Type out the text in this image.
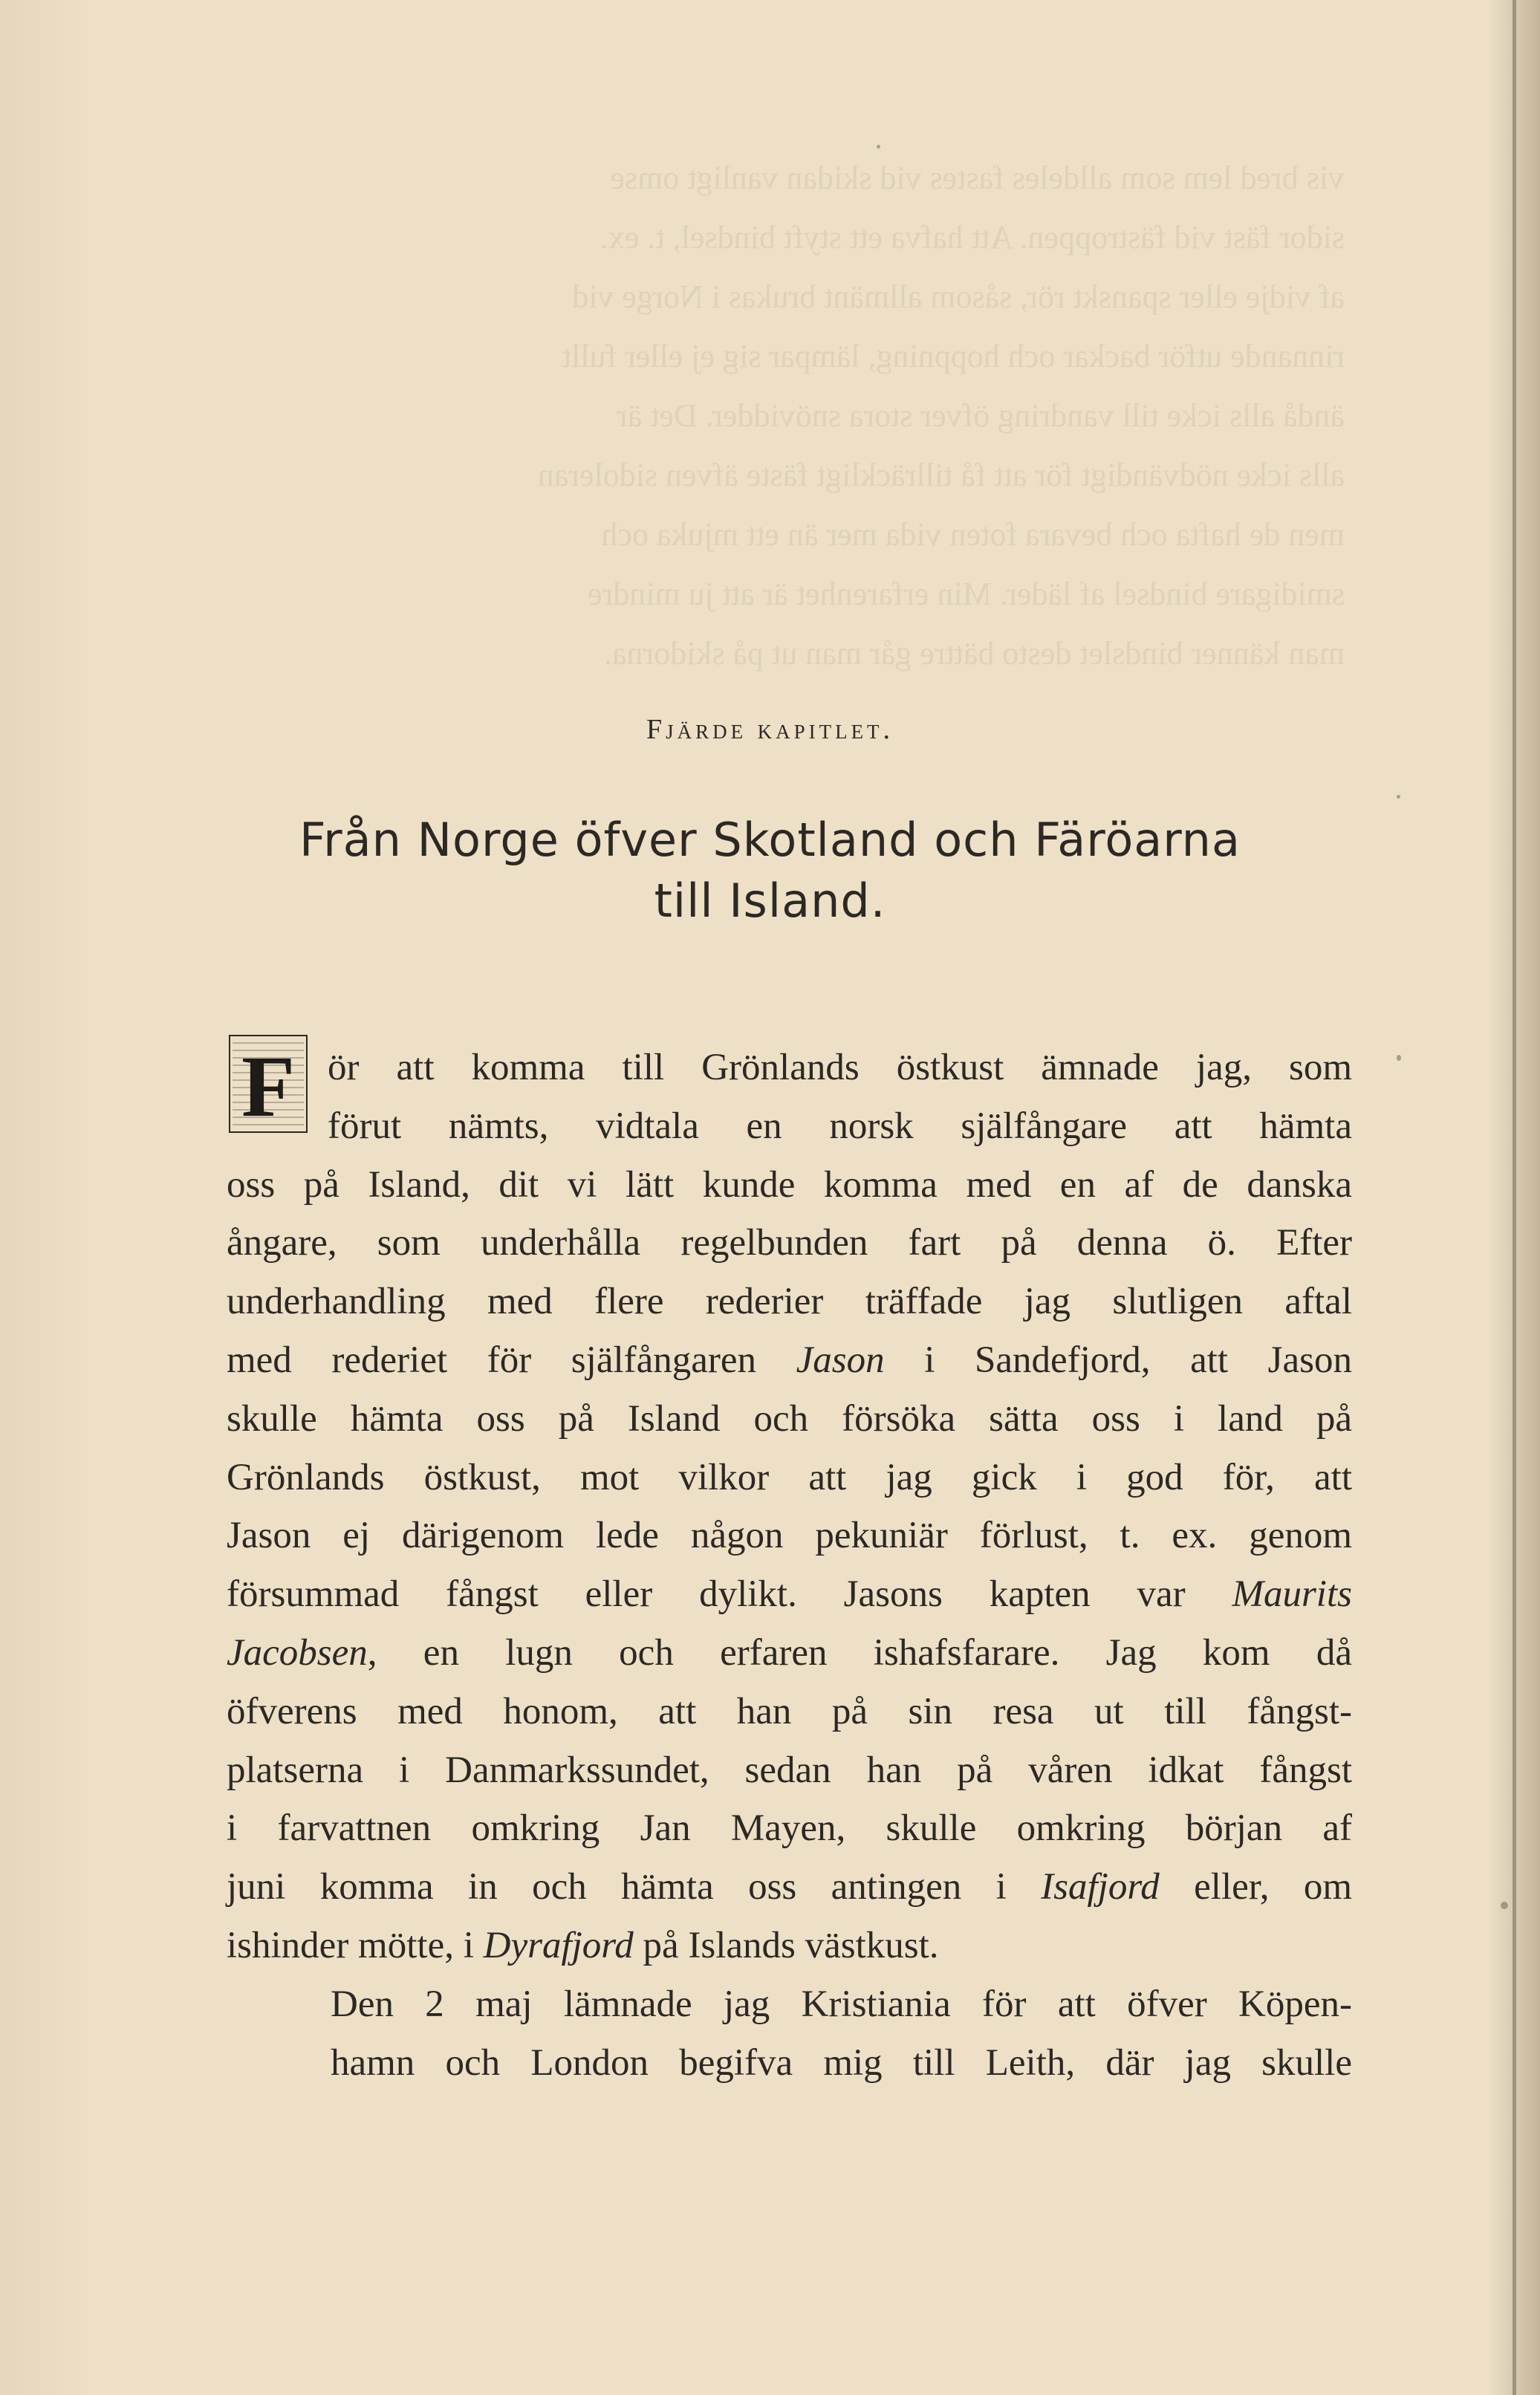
vis bred lem som alldeles fastes vid skidan vanligt omse

sidor fäst vid fästroppen. Att hafva ett styft bindsel, t. ex.

af vidje eller spanskt rör, såsom allmänt brukas i Norge vid

rinnande utför backar och hoppning, lämpar sig ej eller fullt

ändå alls icke till vandring öfver stora snövidder. Det är

alls icke nödvändigt för att få tillräckligt fäste äfven sidoleran

men de hafta och bevara foten vida mer än ett mjuka och

smidigare bindsel af läder. Min erfarenhet är att ju mindre

man känner bindslet desto bättre går man ut på skidorna.

Fjärde kapitlet.
Från Norge öfver Skotland och Färöarna
till Island.
F ör att komma till Grönlands östkust ämnade jag, som
förut nämts, vidtala en norsk själfångare att hämta
oss på Island, dit vi lätt kunde komma med en af de danska
ångare, som underhålla regelbunden fart på denna ö. Efter
underhandling med flere rederier träffade jag slutligen aftal
med rederiet för själfångaren Jason i Sandefjord, att Jason
skulle hämta oss på Island och försöka sätta oss i land på
Grönlands östkust, mot vilkor att jag gick i god för, att
Jason ej därigenom lede någon pekuniär förlust, t. ex. genom
försummad fångst eller dylikt. Jasons kapten var Maurits
Jacobsen, en lugn och erfaren ishafsfarare. Jag kom då
öfverens med honom, att han på sin resa ut till fångst-
platserna i Danmarkssundet, sedan han på våren idkat fångst
i farvattnen omkring Jan Mayen, skulle omkring början af
juni komma in och hämta oss antingen i Isafjord eller, om
ishinder mötte, i Dyrafjord på Islands västkust.
Den 2 maj lämnade jag Kristiania för att öfver Köpen-
hamn och London begifva mig till Leith, där jag skulle
